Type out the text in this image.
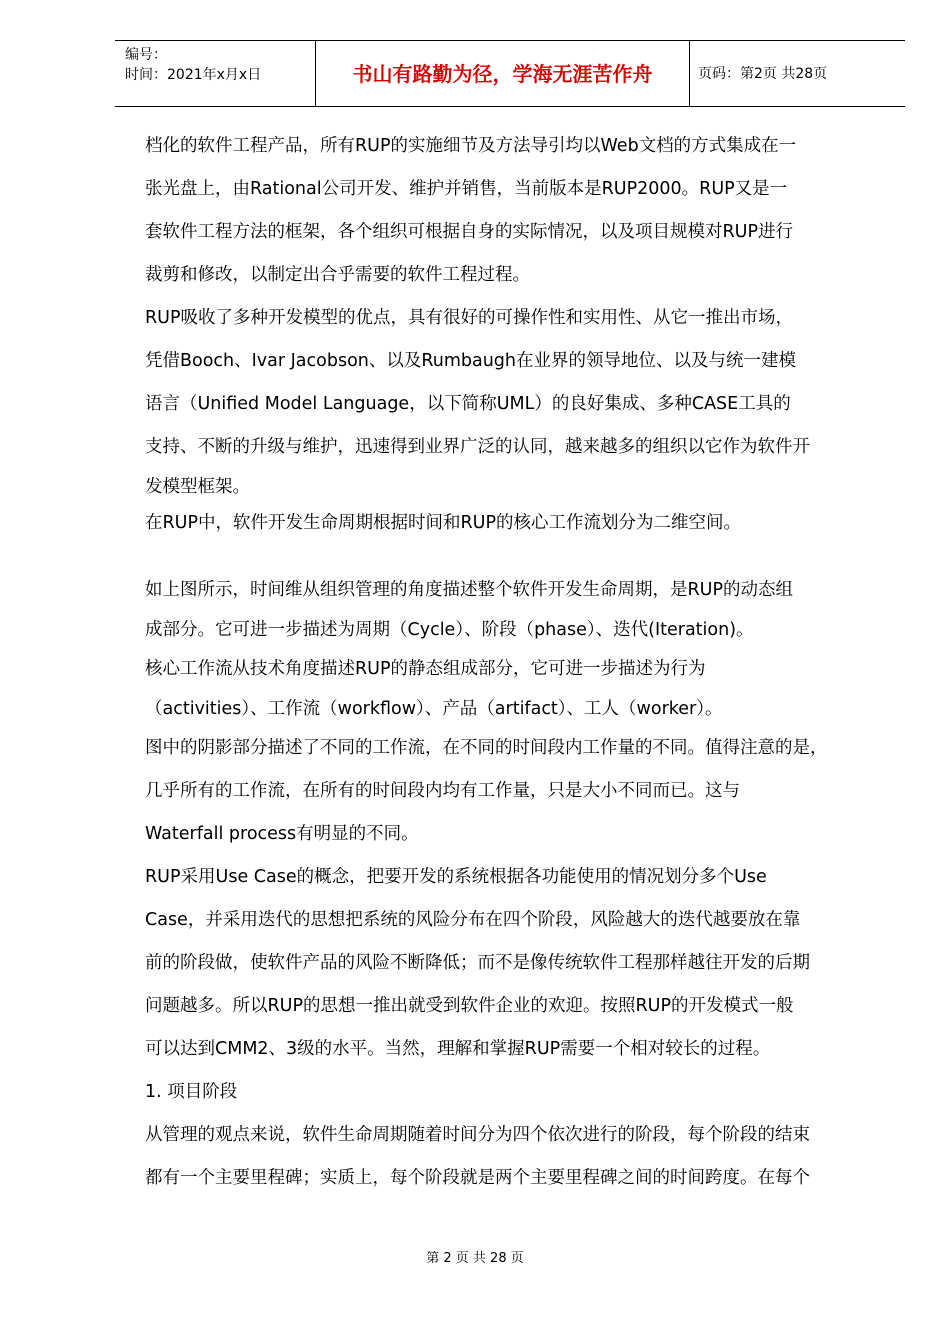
编号：
时间：2021年x月x日	书山有路勤为径，学海无涯苦作舟	页码：第2页 共28页

档化的软件工程产品，所有RUP的实施细节及方法导引均以Web文档的方式集成在一

张光盘上，由Rational公司开发、维护并销售，当前版本是RUP2000。RUP又是一

套软件工程方法的框架，各个组织可根据自身的实际情况，以及项目规模对RUP进行

裁剪和修改，以制定出合乎需要的软件工程过程。

RUP吸收了多种开发模型的优点，具有很好的可操作性和实用性、从它一推出市场，

凭借Booch、Ivar Jacobson、以及Rumbaugh在业界的领导地位、以及与统一建模

语言（Unified Model Language，以下简称UML）的良好集成、多种CASE工具的

支持、不断的升级与维护，迅速得到业界广泛的认同，越来越多的组织以它作为软件开

发模型框架。

在RUP中，软件开发生命周期根据时间和RUP的核心工作流划分为二维空间。

如上图所示，时间维从组织管理的角度描述整个软件开发生命周期，是RUP的动态组

成部分。它可进一步描述为周期（Cycle）、阶段（phase）、迭代(Iteration)。

核心工作流从技术角度描述RUP的静态组成部分，它可进一步描述为行为

（activities）、工作流（workflow）、产品（artifact）、工人（worker）。

图中的阴影部分描述了不同的工作流，在不同的时间段内工作量的不同。值得注意的是，

几乎所有的工作流，在所有的时间段内均有工作量，只是大小不同而已。这与

Waterfall process有明显的不同。

RUP采用Use Case的概念，把要开发的系统根据各功能使用的情况划分多个Use

Case，并采用迭代的思想把系统的风险分布在四个阶段，风险越大的迭代越要放在靠

前的阶段做，使软件产品的风险不断降低；而不是像传统软件工程那样越往开发的后期

问题越多。所以RUP的思想一推出就受到软件企业的欢迎。按照RUP的开发模式一般

可以达到CMM2、3级的水平。当然，理解和掌握RUP需要一个相对较长的过程。

1. 项目阶段

从管理的观点来说，软件生命周期随着时间分为四个依次进行的阶段，每个阶段的结束

都有一个主要里程碑；实质上，每个阶段就是两个主要里程碑之间的时间跨度。在每个

第 2 页 共 28 页
